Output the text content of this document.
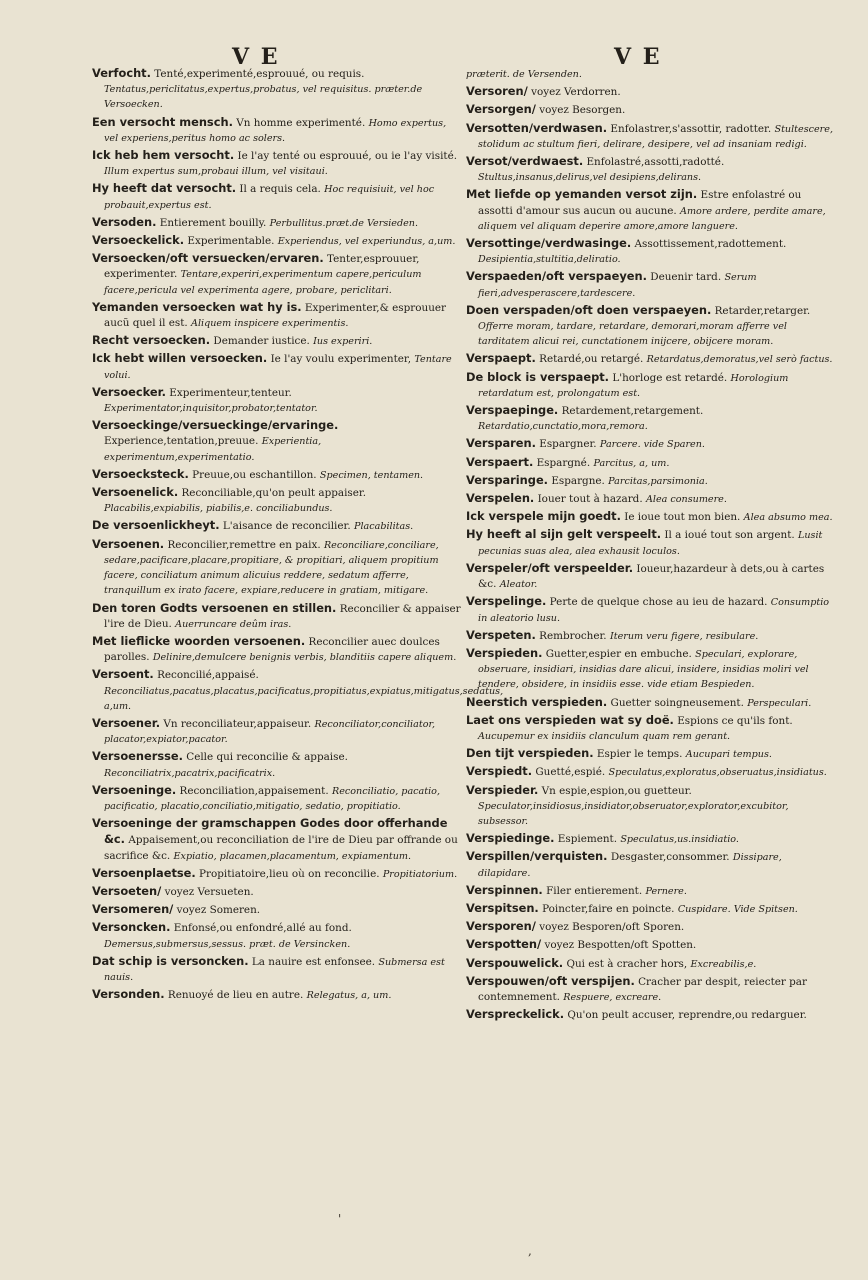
V E	V E

Verfocht. Tenté,experimenté,esprouué, ou requis. Tentatus,periclitatus,expertus,probatus, vel requisitus. præter.de Versoecken.

Een versocht mensch. Vn homme experimenté. Homo expertus, vel experiens,peritus homo ac solers.

Ick heb hem versocht. Ie l'ay tenté ou esprouué, ou ie l'ay visité. Illum expertus sum,probaui illum, vel visitaui.

Hy heeft dat versocht. Il a requis cela. Hoc requisiuit, vel hoc probauit,expertus est.

Versoden. Entierement bouilly. Perbullitus.præt.de Versieden.

Versoeckelick. Experimentable. Experiendus, vel experiundus, a,um.

Versoecken/oft versuecken/ervaren. Tenter,esprouuer, experimenter. Tentare,experiri,experimentum capere,periculum facere,pericula vel experimenta agere, probare, periclitari.

Yemanden versoecken wat hy is. Experimenter,& esprouuer aucũ quel il est. Aliquem inspicere experimentis.

Recht versoecken. Demander iustice. Ius experiri.

Ick hebt willen versoecken. Ie l'ay voulu experimenter, Tentare volui.

Versoecker. Experimenteur,tenteur. Experimentator,inquisitor,probator,tentator.

Versoeckinge/versueckinge/ervaringe. Experience,tentation,preuue. Experientia, experimentum,experimentatio.

Versoecksteck. Preuue,ou eschantillon. Specimen, tentamen.

Versoenelick. Reconciliable,qu'on peult appaiser. Placabilis,expiabilis, piabilis,e. conciliabundus.

De versoenlickheyt. L'aisance de reconcilier. Placabilitas.

Versoenen. Reconcilier,remettre en paix. Reconciliare,conciliare, sedare,pacificare,placare,propitiare, & propitiari, aliquem propitium facere, conciliatum animum alicuius reddere, sedatum afferre, tranquillum ex irato facere, expiare,reducere in gratiam, mitigare.

Den toren Godts versoenen en stillen. Reconcilier & appaiser l'ire de Dieu. Auerruncare deûm iras.

Met lieflicke woorden versoenen. Reconcilier auec doulces parolles. Delinire,demulcere benignis verbis, blanditiis capere aliquem.

Versoent. Reconcilié,appaisé. Reconciliatus,pacatus,placatus,pacificatus,propitiatus,expiatus,mitigatus,sedatus, a,um.

Versoener. Vn reconciliateur,appaiseur. Reconciliator,conciliator, placator,expiator,pacator.

Versoenersse. Celle qui reconcilie & appaise. Reconciliatrix,pacatrix,pacificatrix.

Versoeninge. Reconciliation,appaisement. Reconciliatio, pacatio, pacificatio, placatio,conciliatio,mitigatio, sedatio, propitiatio.

Versoeninge der gramschappen Godes door offerhande &c. Appaisement,ou reconciliation de l'ire de Dieu par offrande ou sacrifice &c. Expiatio, placamen,placamentum, expiamentum.

Versoenplaetse. Propitiatoire,lieu où on reconcilie. Propitiatorium.

Versoeten/ voyez Versueten.

Versomeren/ voyez Someren.

Versoncken. Enfonsé,ou enfondré,allé au fond. Demersus,submersus,sessus. præt. de Versincken.

Dat schip is versoncken. La nauire est enfonsee. Submersa est nauis.

Versonden. Renuoyé de lieu en autre. Relegatus, a, um.

præterit. de Versenden.

Versoren/ voyez Verdorren.

Versorgen/ voyez Besorgen.

Versotten/verdwasen. Enfolastrer,s'assottir, radotter. Stultescere, stolidum ac stultum fieri, delirare, desipere, vel ad insaniam redigi.

Versot/verdwaest. Enfolastré,assotti,radotté. Stultus,insanus,delirus,vel desipiens,delirans.

Met liefde op yemanden versot zijn. Estre enfolastré ou assotti d'amour sus aucun ou aucune. Amore ardere, perdite amare, aliquem vel aliquam deperire amore,amore languere.

Versottinge/verdwasinge. Assottissement,radottement. Desipientia,stultitia,deliratio.

Verspaeden/oft verspaeyen. Deuenir tard. Serum fieri,advesperascere,tardescere.

Doen verspaden/oft doen verspaeyen. Retarder,retarger. Offerre moram, tardare, retardare, demorari,moram afferre vel tarditatem alicui rei, cunctationem inijcere, obijcere moram.

Verspaept. Retardé,ou retargé. Retardatus,demoratus,vel serò factus.

De block is verspaept. L'horloge est retardé. Horologium retardatum est, prolongatum est.

Verspaepinge. Retardement,retargement. Retardatio,cunctatio,mora,remora.

Versparen. Espargner. Parcere. vide Sparen.

Verspaert. Espargné. Parcitus, a, um.

Versparinge. Espargne. Parcitas,parsimonia.

Verspelen. Iouer tout à hazard. Alea consumere.

Ick verspele mijn goedt. Ie ioue tout mon bien. Alea absumo mea.

Hy heeft al sijn gelt verspeelt. Il a ioué tout son argent. Lusit pecunias suas alea, alea exhausit loculos.

Verspeler/oft verspeelder. Ioueur,hazardeur à dets,ou à cartes &c. Aleator.

Verspelinge. Perte de quelque chose au ieu de hazard. Consumptio in aleatorio lusu.

Verspeten. Rembrocher. Iterum veru figere, resibulare.

Verspieden. Guetter,espier en embuche. Speculari, explorare, obseruare, insidiari, insidias dare alicui, insidere, insidias moliri vel tendere, obsidere, in insidiis esse. vide etiam Bespieden.

Neerstich verspieden. Guetter soingneusement. Perspeculari.

Laet ons verspieden wat sy doë. Espions ce qu'ils font. Aucupemur ex insidiis clanculum quam rem gerant.

Den tijt verspieden. Espier le temps. Aucupari tempus.

Verspiedt. Guetté,espié. Speculatus,exploratus,obseruatus,insidiatus.

Verspieder. Vn espie,espion,ou guetteur. Speculator,insidiosus,insidiator,obseruator,explorator,excubitor, subsessor.

Verspiedinge. Espiement. Speculatus,us.insidiatio.

Verspillen/verquisten. Desgaster,consommer. Dissipare, dilapidare.

Verspinnen. Filer entierement. Pernere.

Verspitsen. Poincter,faire en poincte. Cuspidare. Vide Spitsen.

Versporen/ voyez Besporen/oft Sporen.

Verspotten/ voyez Bespotten/oft Spotten.

Verspouwelick. Qui est à cracher hors, Excreabilis,e.

Verspouwen/oft verspijen. Cracher par despit, reiecter par contemnement. Respuere, excreare.

Verspreckelick. Qu'on peult accuser, reprendre,ou redarguer.

'
,
